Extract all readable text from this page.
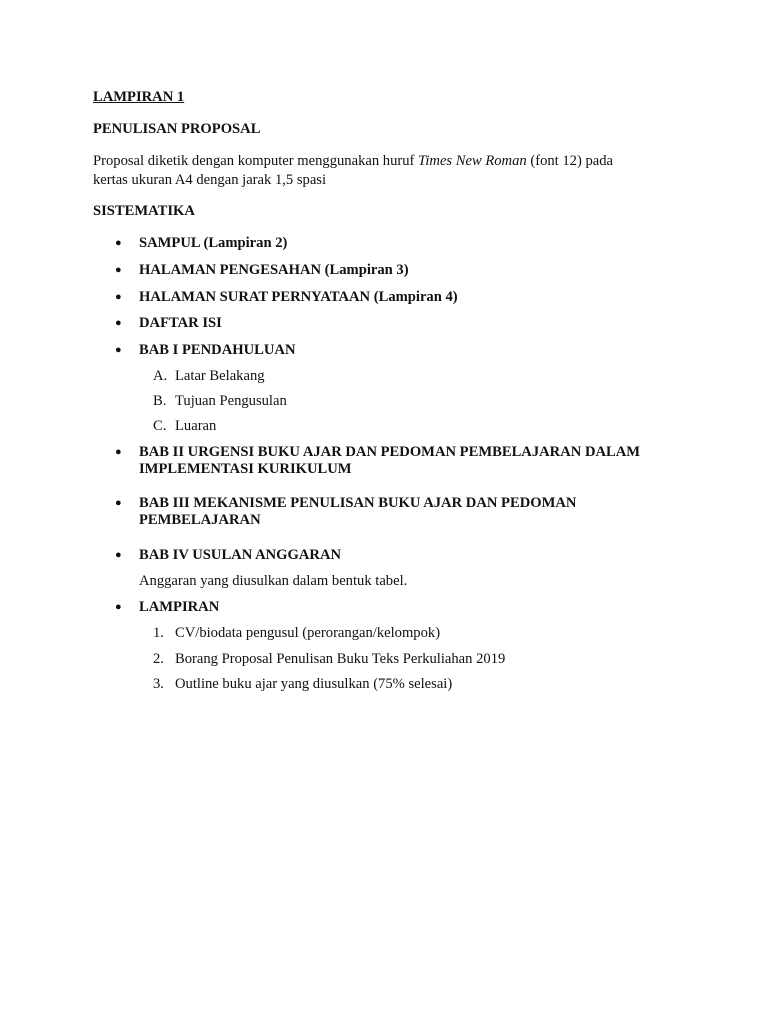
LAMPIRAN 1
PENULISAN PROPOSAL
Proposal diketik dengan komputer menggunakan huruf Times New Roman (font 12) pada
kertas ukuran A4 dengan jarak 1,5 spasi
SISTEMATIKA
● SAMPUL (Lampiran 2)
● HALAMAN PENGESAHAN (Lampiran 3)
● HALAMAN SURAT PERNYATAAN (Lampiran 4)
● DAFTAR ISI
● BAB I PENDAHULUAN
A. Latar Belakang
B. Tujuan Pengusulan
C. Luaran
● BAB II URGENSI BUKU AJAR DAN PEDOMAN PEMBELAJARAN DALAM
IMPLEMENTASI KURIKULUM
● BAB III MEKANISME PENULISAN BUKU AJAR DAN PEDOMAN
PEMBELAJARAN
● BAB IV USULAN ANGGARAN
Anggaran yang diusulkan dalam bentuk tabel.
● LAMPIRAN
1. CV/biodata pengusul (perorangan/kelompok)
2. Borang Proposal Penulisan Buku Teks Perkuliahan 2019
3. Outline buku ajar yang diusulkan (75% selesai)
